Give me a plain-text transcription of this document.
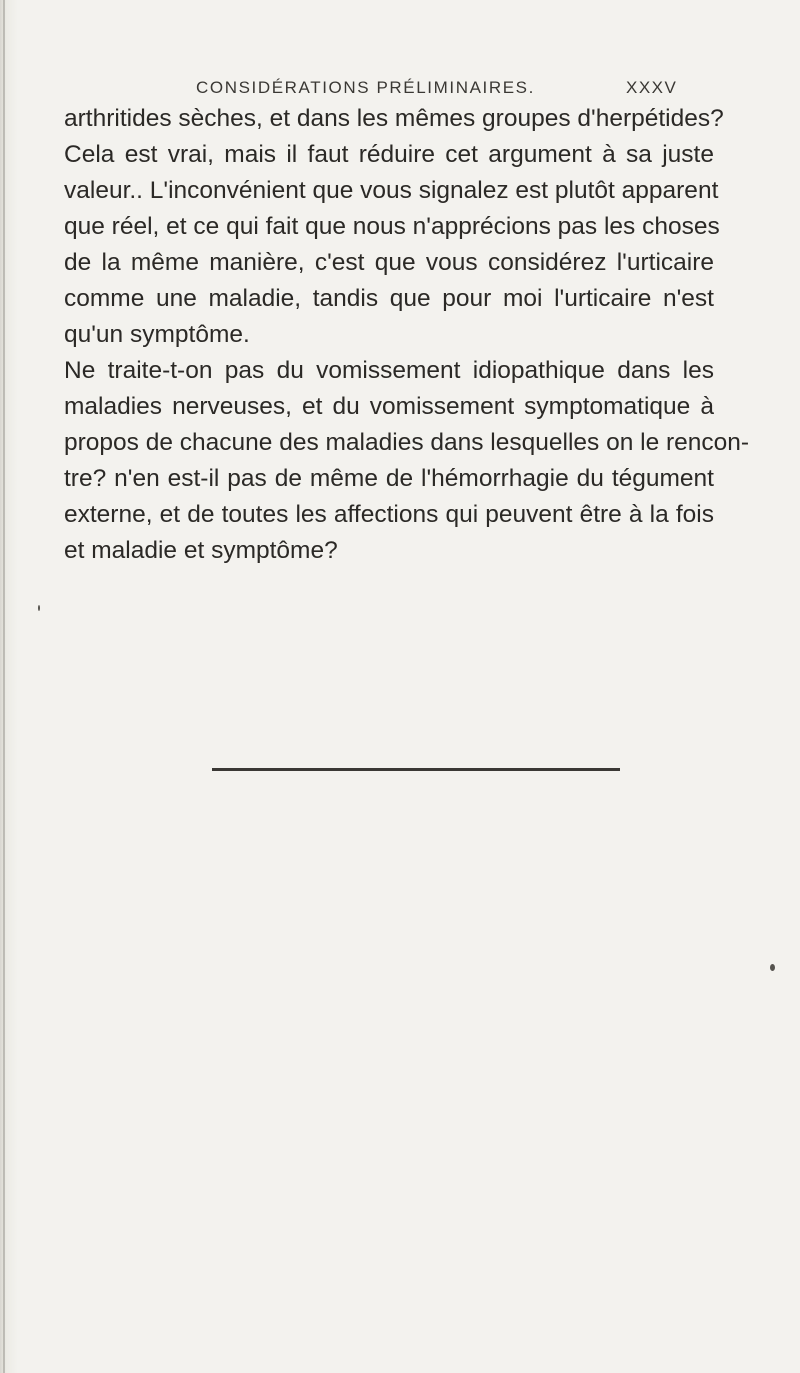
CONSIDÉRATIONS PRÉLIMINAIRES.	XXXV
arthritides sèches, et dans les mêmes groupes d'herpétides?
Cela est vrai, mais il faut réduire cet argument à sa juste
valeur.. L'inconvénient que vous signalez est plutôt apparent
que réel, et ce qui fait que nous n'apprécions pas les choses
de la même manière, c'est que vous considérez l'urticaire
comme une maladie, tandis que pour moi l'urticaire n'est
qu'un symptôme.
Ne traite-t-on pas du vomissement idiopathique dans les
maladies nerveuses, et du vomissement symptomatique à
propos de chacune des maladies dans lesquelles on le rencon-
tre? n'en est-il pas de même de l'hémorrhagie du tégument
externe, et de toutes les affections qui peuvent être à la fois
et maladie et symptôme?
